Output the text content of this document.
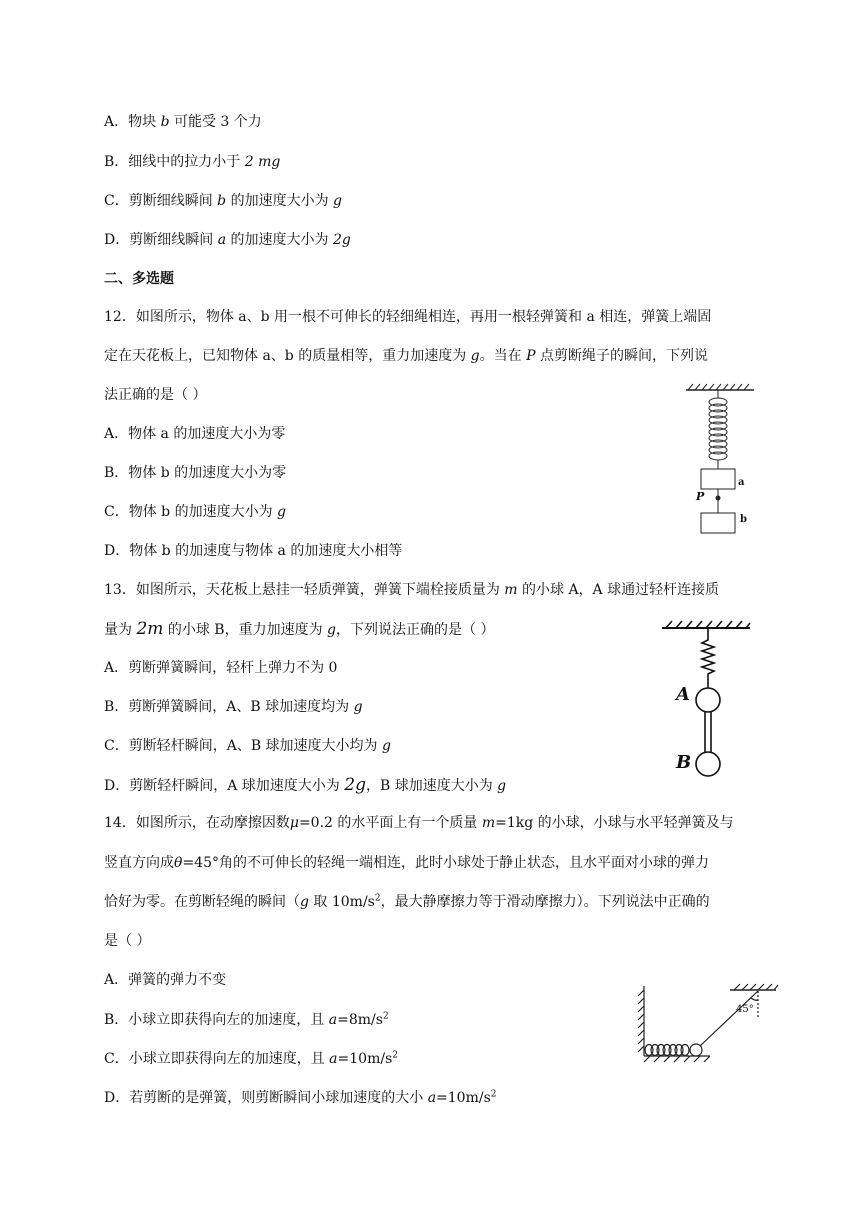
A．物块 b 可能受 3 个力
B．细线中的拉力小于 2 mg
C．剪断细线瞬间 b 的加速度大小为 g
D．剪断细线瞬间 a 的加速度大小为 2g
二、多选题
12．如图所示，物体 a、b 用一根不可伸长的轻细绳相连，再用一根轻弹簧和 a 相连，弹簧上端固
定在天花板上，已知物体 a、b 的质量相等，重力加速度为 g。当在 P 点剪断绳子的瞬间，下列说
法正确的是（ ）
A．物体 a 的加速度大小为零
B．物体 b 的加速度大小为零
C．物体 b 的加速度大小为 g
D．物体 b 的加速度与物体 a 的加速度大小相等
a
P
b
13．如图所示，天花板上悬挂一轻质弹簧，弹簧下端栓接质量为 m 的小球 A，A 球通过轻杆连接质
量为 2m 的小球 B，重力加速度为 g，下列说法正确的是（ ）
A．剪断弹簧瞬间，轻杆上弹力不为 0
B．剪断弹簧瞬间，A、B 球加速度均为 g
C．剪断轻杆瞬间，A、B 球加速度大小均为 g
D．剪断轻杆瞬间，A 球加速度大小为 2g，B 球加速度大小为 g
A
B
14．如图所示，在动摩擦因数μ=0.2 的水平面上有一个质量 m=1kg 的小球，小球与水平轻弹簧及与
竖直方向成θ=45°角的不可伸长的轻绳一端相连，此时小球处于静止状态，且水平面对小球的弹力
恰好为零。在剪断轻绳的瞬间（g 取 $10m/s^2$，最大静摩擦力等于滑动摩擦力）。下列说法中正确的
是（ ）
A．弹簧的弹力不变
B．小球立即获得向左的加速度，且 $a=8m/s^2$
C．小球立即获得向左的加速度，且 $a=10m/s^2$
D．若剪断的是弹簧，则剪断瞬间小球加速度的大小 $a=10m/s^2$
45°
